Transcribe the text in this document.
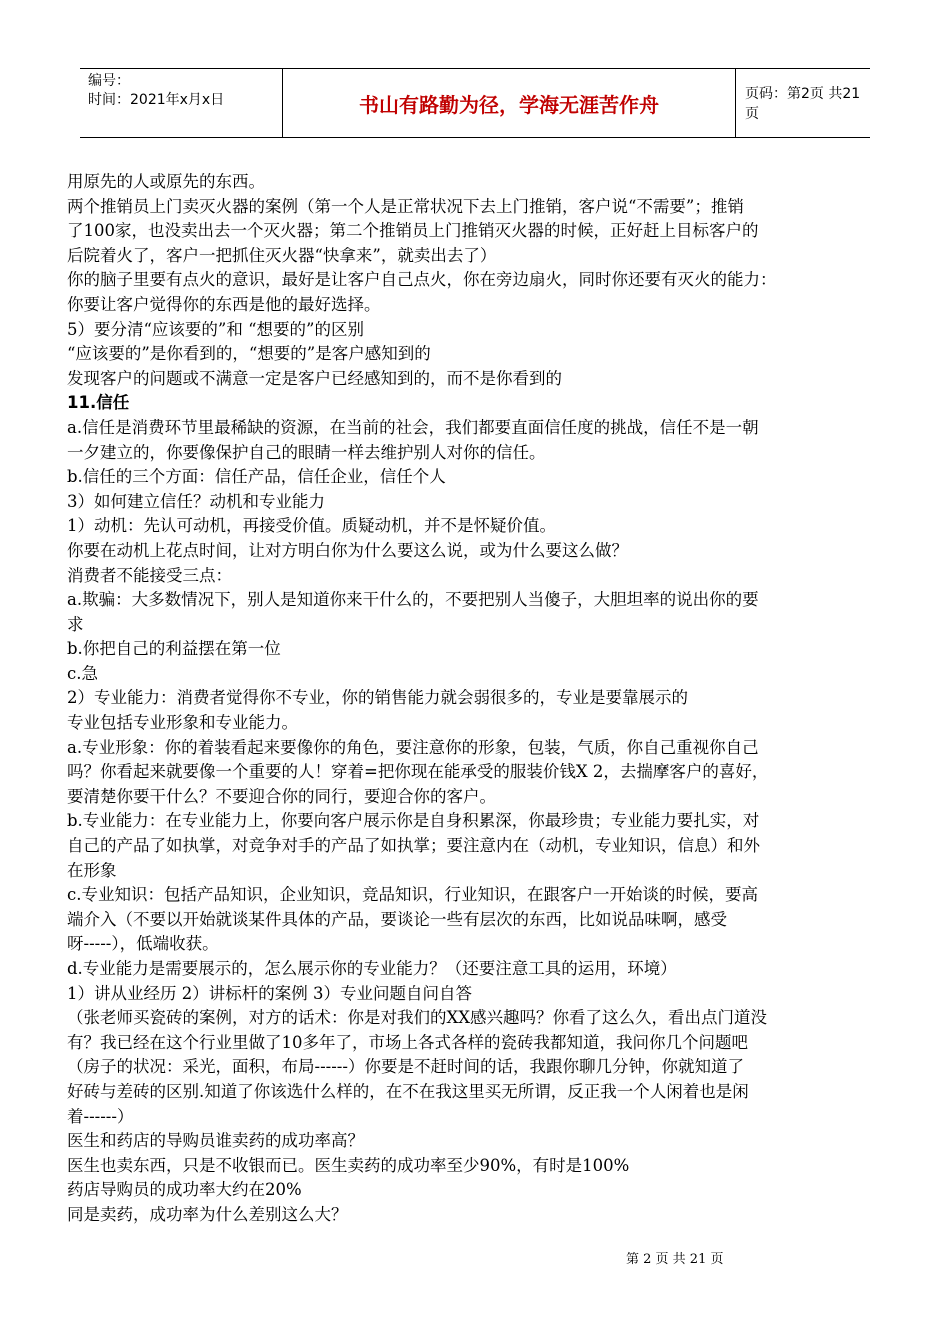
编号：
时间：2021年x月x日	书山有路勤为径，学海无涯苦作舟	页码：第2页 共21页
用原先的人或原先的东西。
两个推销员上门卖灭火器的案例（第一个人是正常状况下去上门推销，客户说“不需要”；推销
了100家，也没卖出去一个灭火器；第二个推销员上门推销灭火器的时候，正好赶上目标客户的
后院着火了，客户一把抓住灭火器“快拿来”，就卖出去了）
你的脑子里要有点火的意识，最好是让客户自己点火，你在旁边扇火，同时你还要有灭火的能力：
你要让客户觉得你的东西是他的最好选择。
5）要分清“应该要的”和 “想要的”的区别
“应该要的”是你看到的，“想要的”是客户感知到的
发现客户的问题或不满意一定是客户已经感知到的，而不是你看到的
11.信任
a.信任是消费环节里最稀缺的资源，在当前的社会，我们都要直面信任度的挑战，信任不是一朝
一夕建立的，你要像保护自己的眼睛一样去维护别人对你的信任。
b.信任的三个方面：信任产品，信任企业，信任个人
3）如何建立信任？动机和专业能力
1）动机：先认可动机，再接受价值。质疑动机，并不是怀疑价值。
你要在动机上花点时间，让对方明白你为什么要这么说，或为什么要这么做？
消费者不能接受三点：
a.欺骗：大多数情况下，别人是知道你来干什么的，不要把别人当傻子，大胆坦率的说出你的要
求
b.你把自己的利益摆在第一位
c.急
2）专业能力：消费者觉得你不专业，你的销售能力就会弱很多的，专业是要靠展示的
专业包括专业形象和专业能力。
a.专业形象：你的着装看起来要像你的角色，要注意你的形象，包装，气质，你自己重视你自己
吗？你看起来就要像一个重要的人！穿着=把你现在能承受的服装价钱X 2，去揣摩客户的喜好，
要清楚你要干什么？不要迎合你的同行，要迎合你的客户。
b.专业能力：在专业能力上，你要向客户展示你是自身积累深，你最珍贵；专业能力要扎实，对
自己的产品了如执掌，对竞争对手的产品了如执掌；要注意内在（动机，专业知识，信息）和外
在形象
c.专业知识：包括产品知识，企业知识，竞品知识，行业知识，在跟客户一开始谈的时候，要高
端介入（不要以开始就谈某件具体的产品，要谈论一些有层次的东西，比如说品味啊，感受
呀-----），低端收获。
d.专业能力是需要展示的，怎么展示你的专业能力？（还要注意工具的运用，环境）
1）讲从业经历 2）讲标杆的案例 3）专业问题自问自答
（张老师买瓷砖的案例，对方的话术：你是对我们的XX感兴趣吗？你看了这么久，看出点门道没
有？我已经在这个行业里做了10多年了，市场上各式各样的瓷砖我都知道，我问你几个问题吧
（房子的状况：采光，面积，布局------）你要是不赶时间的话，我跟你聊几分钟，你就知道了
好砖与差砖的区别.知道了你该选什么样的，在不在我这里买无所谓，反正我一个人闲着也是闲
着------）
医生和药店的导购员谁卖药的成功率高？
医生也卖东西，只是不收银而已。医生卖药的成功率至少90%，有时是100%
药店导购员的成功率大约在20%
同是卖药，成功率为什么差别这么大？
第 2 页 共 21 页
